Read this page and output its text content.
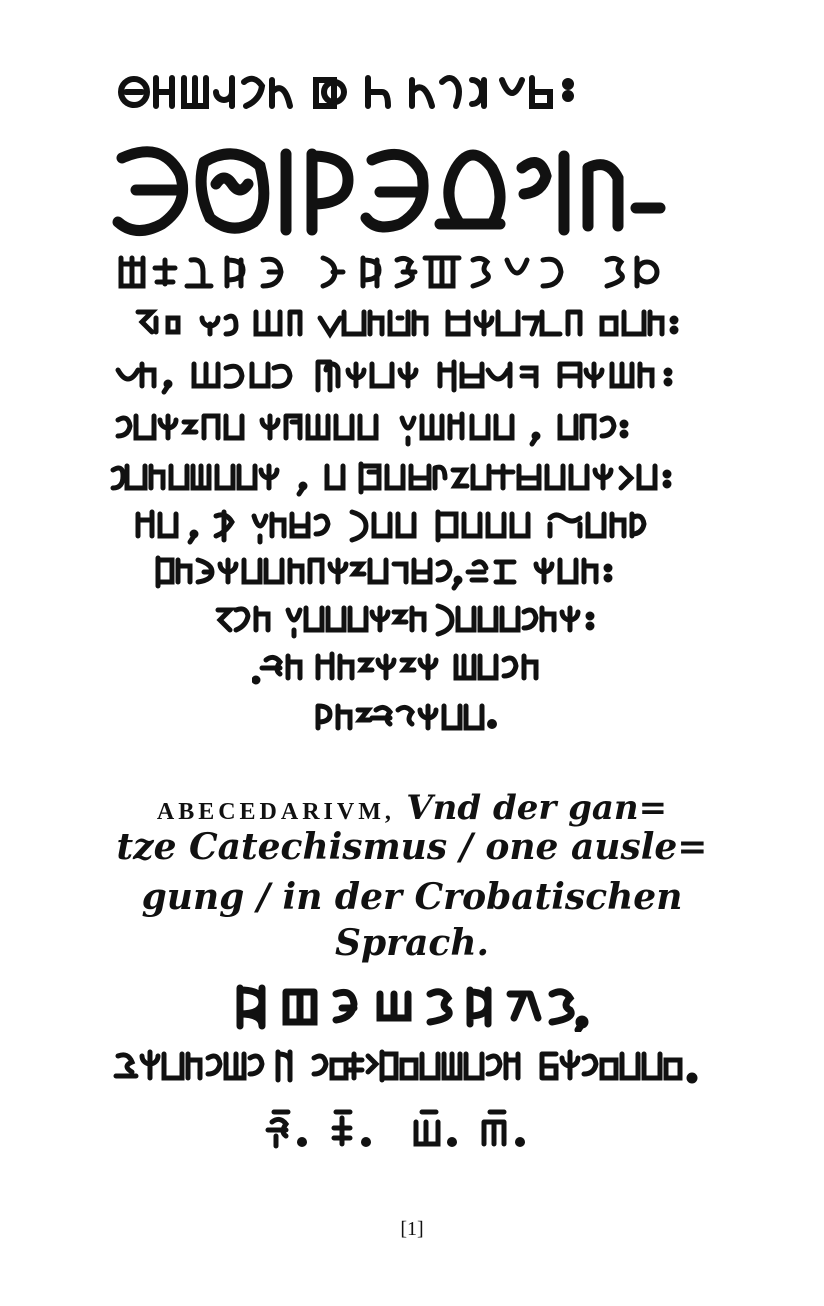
ABECEDARIVM, Vnd der gan=
tze Catechismus / one ausle=
gung / in der Crobatischen
Sprach.
[1]
